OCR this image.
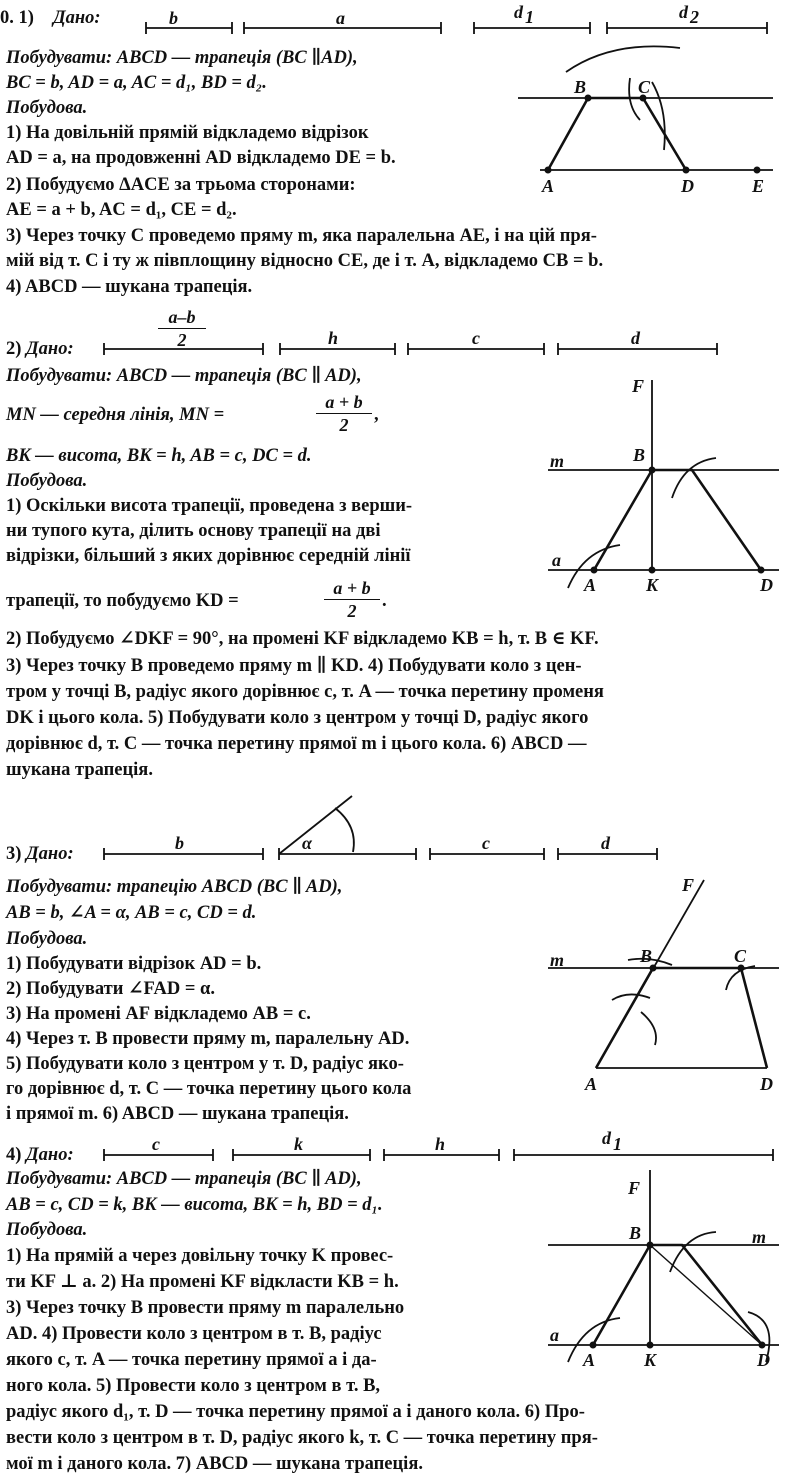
0. 1) Дано:
Побудувати: ABCD — трапеція (BC ∥AD),
BC = b, AD = a, AC = d₁, BD = d₂.
Побудова.
1) На довільній прямій відкладемо відрізок
AD = a, на продовженні AD відкладемо DE = b.
2) Побудуємо ΔACE за трьома сторонами:
AE = a + b, AC = d₁, CE = d₂.
3) Через точку C проведемо пряму m, яка паралельна AE, і на цій пря-
мій від т. C і ту ж півплощину відносно CE, де і т. A, відкладемо CB = b.
4) ABCD — шукана трапеція.
2) Дано:
a–b
2
Побудувати: ABCD — трапеція (BC ∥ AD),
MN — середня лінія, MN =
a + b
2	,
BK — висота, BK = h, AB = c, DC = d.
Побудова.
1) Оскільки висота трапеції, проведена з верши-
ни тупого кута, ділить основу трапеції на дві
відрізки, більший з яких дорівнює середній лінії
трапеції, то побудуємо KD =
a + b
2	.
2) Побудуємо ∠DKF = 90°, на промені KF відкладемо KB = h, т. B ∈ KF.
3) Через точку B проведемо пряму m ∥ KD. 4) Побудувати коло з цен-
тром у точці B, радіус якого дорівнює c, т. A — точка перетину променя
DK і цього кола. 5) Побудувати коло з центром у точці D, радіус якого
дорівнює d, т. C — точка перетину прямої m і цього кола. 6) ABCD —
шукана трапеція.
3) Дано:
Побудувати: трапецію ABCD (BC ∥ AD),
AB = b, ∠A = α, AB = c, CD = d.
Побудова.
1) Побудувати відрізок AD = b.
2) Побудувати ∠FAD = α.
3) На промені AF відкладемо AB = c.
4) Через т. B провести пряму m, паралельну AD.
5) Побудувати коло з центром у т. D, радіус яко-
го дорівнює d, т. C — точка перетину цього кола
і прямої m. 6) ABCD — шукана трапеція.
4) Дано:
Побудувати: ABCD — трапеція (BC ∥ AD),
AB = c, CD = k, BK — висота, BK = h, BD = d₁.
Побудова.
1) На прямій a через довільну точку K провес-
ти KF ⊥ a. 2) На промені KF відкласти KB = h.
3) Через точку B провести пряму m паралельно
AD. 4) Провести коло з центром в т. B, радіус
якого c, т. A — точка перетину прямої a і да-
ного кола. 5) Провести коло з центром в т. B,
радіус якого d₁, т. D — точка перетину прямої a і даного кола. 6) Про-
вести коло з центром в т. D, радіус якого k, т. C — точка перетину пря-
мої m і даного кола. 7) ABCD — шукана трапеція.
b	a	d 1	d 2
B	C
A	D	E
h	c	d
F
m	B
a
A	K	D
b	α	c	d
F
m	B	C
A	D
c	k	h	d 1
F
B	m
a
A	K	D
